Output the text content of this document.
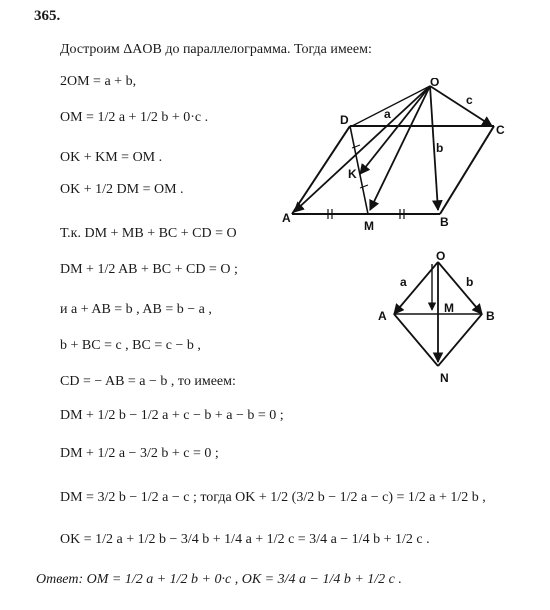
365.
Достроим ΔAOB до параллелограмма. Тогда имеем:
2OM = a + b,
OM = 1/2 a + 1/2 b + 0·c .
OK + KM = OM .
OK + 1/2 DM = OM .
Т.к. DM + MB + BC + CD = O
DM + 1/2 AB + BC + CD = O ;
и a + AB = b , AB = b − a ,
b + BC = c , BC = c − b ,
CD = − AB = a − b , то имеем:
DM + 1/2 b − 1/2 a + c − b + a − b = 0 ;
DM + 1/2 a − 3/2 b + c = 0 ;
DM = 3/2 b − 1/2 a − c ; тогда OK + 1/2 (3/2 b − 1/2 a − c) = 1/2 a + 1/2 b ,
OK = 1/2 a + 1/2 b − 3/4 b + 1/4 a + 1/2 c = 3/4 a − 1/4 b + 1/2 c .
Ответ: OM = 1/2 a + 1/2 b + 0·c , OK = 3/4 a − 1/4 b + 1/2 c .
O
D
C
A
M	B
K
a
b
c
O
A	B
M
N
a	b
